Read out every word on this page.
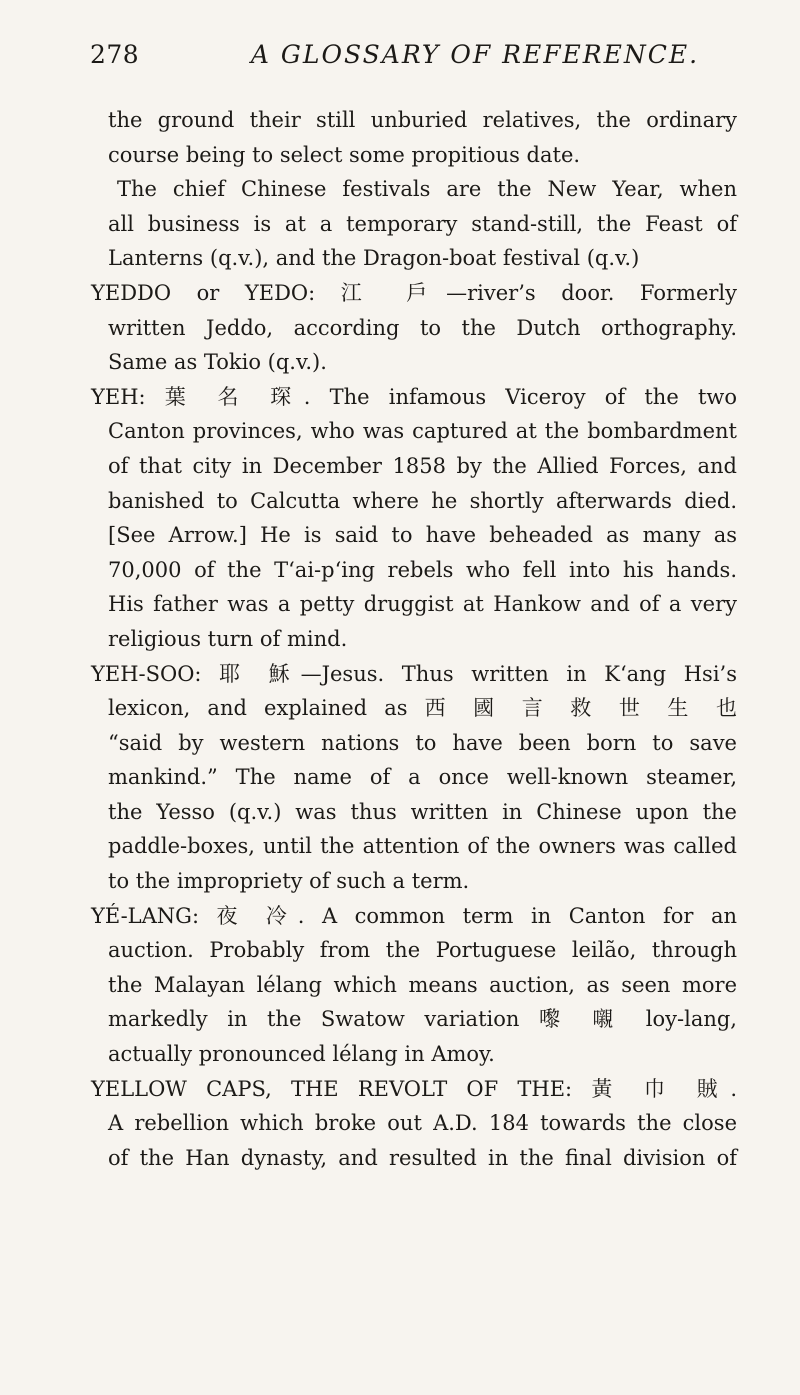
278	A GLOSSARY OF REFERENCE.
the ground their still unburied relatives, the ordinary
course being to select some propitious date.
The chief Chinese festivals are the New Year, when
all business is at a temporary stand-still, the Feast of
Lanterns (q.v.), and the Dragon-boat festival (q.v.)
YEDDO or YEDO: 江 戶—river’s door. Formerly
written Jeddo, according to the Dutch orthography.
Same as Tokio (q.v.).
YEH: 葉 名 琛. The infamous Viceroy of the two
Canton provinces, who was captured at the bombardment
of that city in December 1858 by the Allied Forces, and
banished to Calcutta where he shortly afterwards died.
[See Arrow.] He is said to have beheaded as many as
70,000 of the T‘ai-p‘ing rebels who fell into his hands.
His father was a petty druggist at Hankow and of a very
religious turn of mind.
YEH-SOO: 耶 穌—Jesus. Thus written in K‘ang Hsi’s
lexicon, and explained as 西 國 言 救 世 生 也
“said by western nations to have been born to save
mankind.” The name of a once well-known steamer,
the Yesso (q.v.) was thus written in Chinese upon the
paddle-boxes, until the attention of the owners was called
to the impropriety of such a term.
YÉ-LANG: 夜 冷. A common term in Canton for an
auction. Probably from the Portuguese leilão, through
the Malayan lélang which means auction, as seen more
markedly in the Swatow variation 嚟 嚫 loy-lang,
actually pronounced lélang in Amoy.
YELLOW CAPS, THE REVOLT OF THE: 黃 巾 賊.
A rebellion which broke out A.D. 184 towards the close
of the Han dynasty, and resulted in the final division of
